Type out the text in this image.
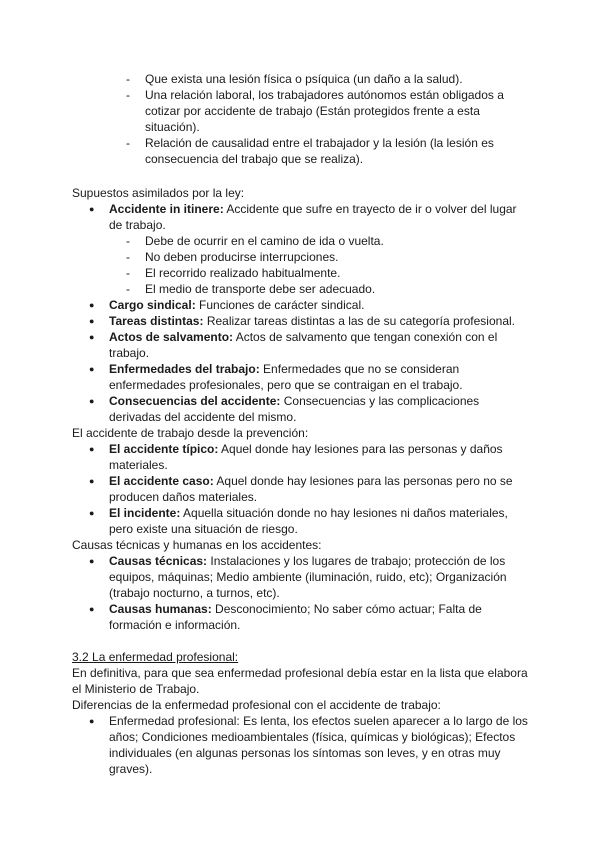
- Que exista una lesión física o psíquica (un daño a la salud).
- Una relación laboral, los trabajadores autónomos están obligados a cotizar por accidente de trabajo (Están protegidos frente a esta situación).
- Relación de causalidad entre el trabajador y la lesión (la lesión es consecuencia del trabajo que se realiza).

Supuestos asimilados por la ley:

● Accidente in itinere: Accidente que sufre en trayecto de ir o volver del lugar de trabajo.
- Debe de ocurrir en el camino de ida o vuelta.
- No deben producirse interrupciones.
- El recorrido realizado habitualmente.
- El medio de transporte debe ser adecuado.
● Cargo sindical: Funciones de carácter sindical.
● Tareas distintas: Realizar tareas distintas a las de su categoría profesional.
● Actos de salvamento: Actos de salvamento que tengan conexión con el trabajo.
● Enfermedades del trabajo: Enfermedades que no se consideran enfermedades profesionales, pero que se contraigan en el trabajo.
● Consecuencias del accidente: Consecuencias y las complicaciones derivadas del accidente del mismo.

El accidente de trabajo desde la prevención:

● El accidente típico: Aquel donde hay lesiones para las personas y daños materiales.
● El accidente caso: Aquel donde hay lesiones para las personas pero no se producen daños materiales.
● El incidente: Aquella situación donde no hay lesiones ni daños materiales, pero existe una situación de riesgo.

Causas técnicas y humanas en los accidentes:

● Causas técnicas: Instalaciones y los lugares de trabajo; protección de los equipos, máquinas; Medio ambiente (iluminación, ruido, etc); Organización (trabajo nocturno, a turnos, etc).
● Causas humanas: Desconocimiento; No saber cómo actuar; Falta de formación e información.

3.2 La enfermedad profesional:

En definitiva, para que sea enfermedad profesional debía estar en la lista que elabora el Ministerio de Trabajo.

Diferencias de la enfermedad profesional con el accidente de trabajo:

● Enfermedad profesional: Es lenta, los efectos suelen aparecer a lo largo de los años; Condiciones medioambientales (física, químicas y biológicas); Efectos individuales (en algunas personas los síntomas son leves, y en otras muy graves).
